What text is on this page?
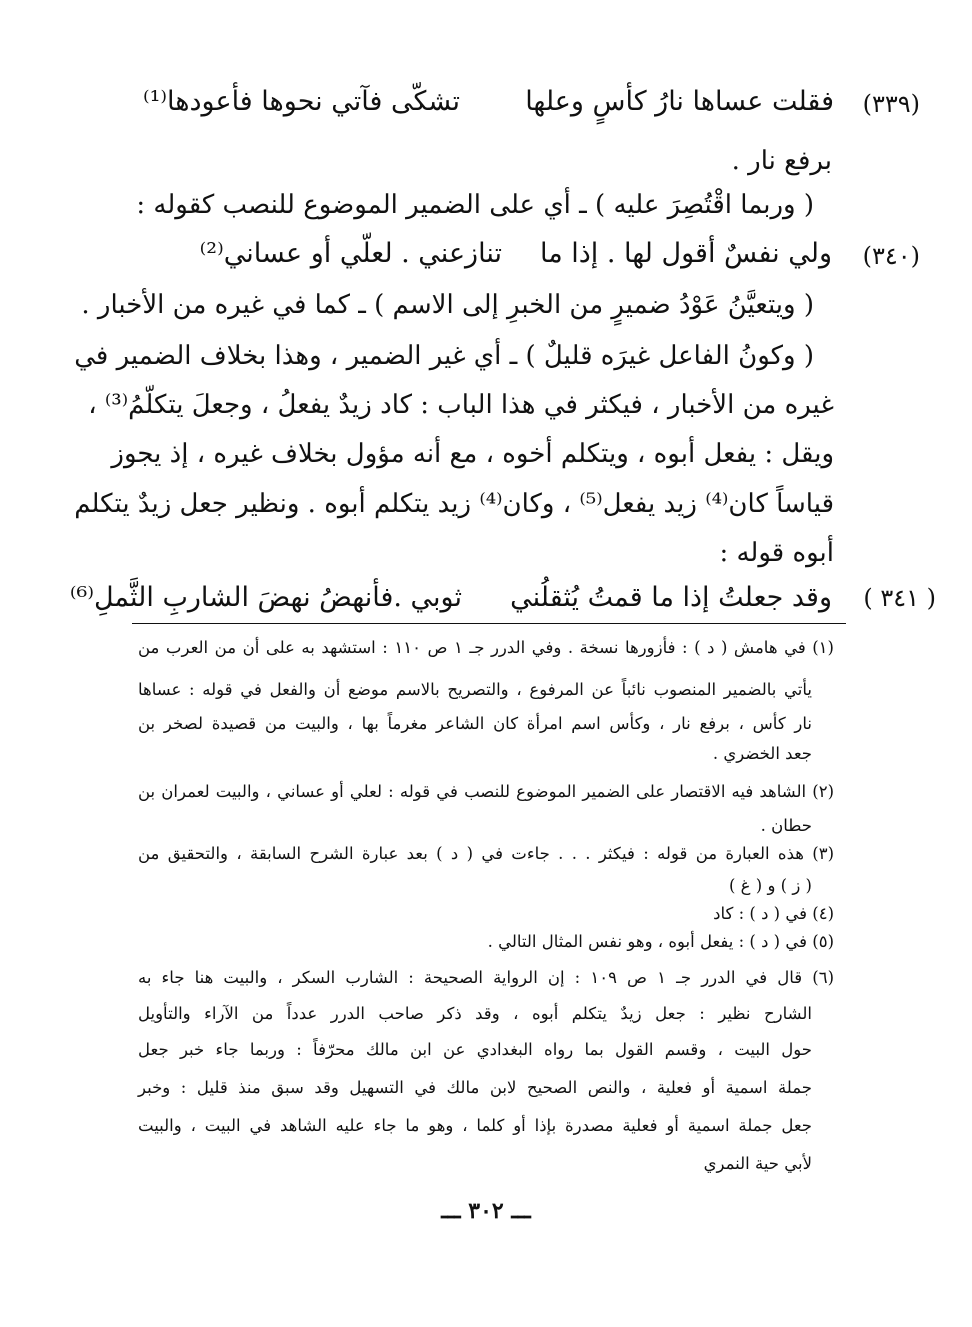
(٣٣٩)
فقلت عساها نارُ كأسٍ وعلها
تشكّى فآتي نحوها فأعودها⁽¹⁾
برفع نار .
( وربما اقْتُصِرَ عليه ) ـ أي على الضمير الموضوع للنصب كقوله :
(٣٤٠)
ولي نفسٌ أقول لها . إذا ما
تنازعني . لعلّي أو عساني⁽²⁾
( ويتعيَّنُ عَوْدُ ضميرٍ من الخبرِ إلى الاسم ) ـ كما في غيره من الأخبار .
( وكونُ الفاعل غيرَه قليلٌ ) ـ أي غير الضمير ، وهذا بخلاف الضمير في
غيره من الأخبار ، فيكثر في هذا الباب : كاد زيدٌ يفعلُ ، وجعلَ يتكلّمُ⁽³⁾ ،
ويقل : يفعل أبوه ، ويتكلم أخوه ، مع أنه مؤول بخلاف غيره ، إذ يجوز
قياساً كان⁽⁴⁾ زيد يفعل⁽⁵⁾ ، وكان⁽⁴⁾ زيد يتكلم أبوه . ونظير جعل زيدٌ يتكلم
أبوه قوله :
( ٣٤١ )
وقد جعلتُ إذا ما قمتُ يُثقلُني
ثوبي .فأنهضُ نهضَ الشاربِ الثَّملِ⁽⁶⁾
(١) في هامش ( د ) : فأزورها نسخة . وفي الدرر جـ ١ ص ١١٠ : استشهد به على أن من العرب من
يأتي بالضمير المنصوب نائباً عن المرفوع ، والتصريح بالاسم موضع أن والفعل في قوله : عساها
نار كأس ، برفع نار ، وكأس اسم امرأة كان الشاعر مغرماً بها ، والبيت من قصيدة لصخر بن
جعد الخضري .
(٢) الشاهد فيه الاقتصار على الضمير الموضوع للنصب في قوله : لعلي أو عساني ، والبيت لعمران بن
حطان .
(٣) هذه العبارة من قوله : فيكثر . . . جاءت في ( د ) بعد عبارة الشرح السابقة ، والتحقيق من
( ز ) و ( غ )
(٤) في ( د ) : كاد
(٥) في ( د ) : يفعل أبوه ، وهو نفس المثال التالي .
(٦) قال في الدرر جـ ١ ص ١٠٩ : إن الرواية الصحيحة : الشارب السكر ، والبيت هنا جاء به
الشارح نظير : جعل زيدٌ يتكلم أبوه ، وقد ذكر صاحب الدرر عدداً من الآراء والتأويل
حول البيت ، وقسم القول بما رواه البغدادي عن ابن مالك محرّفاً : وربما جاء خبر جعل
جملة اسمية أو فعلية ، والنص الصحيح لابن مالك في التسهيل وقد سبق منذ قليل : وخبر
جعل جملة اسمية أو فعلية مصدرة بإذا أو كلما ، وهو ما جاء عليه الشاهد في البيت ، والبيت
لأبي حية النمري
ـــ ٣٠٢ ـــ
